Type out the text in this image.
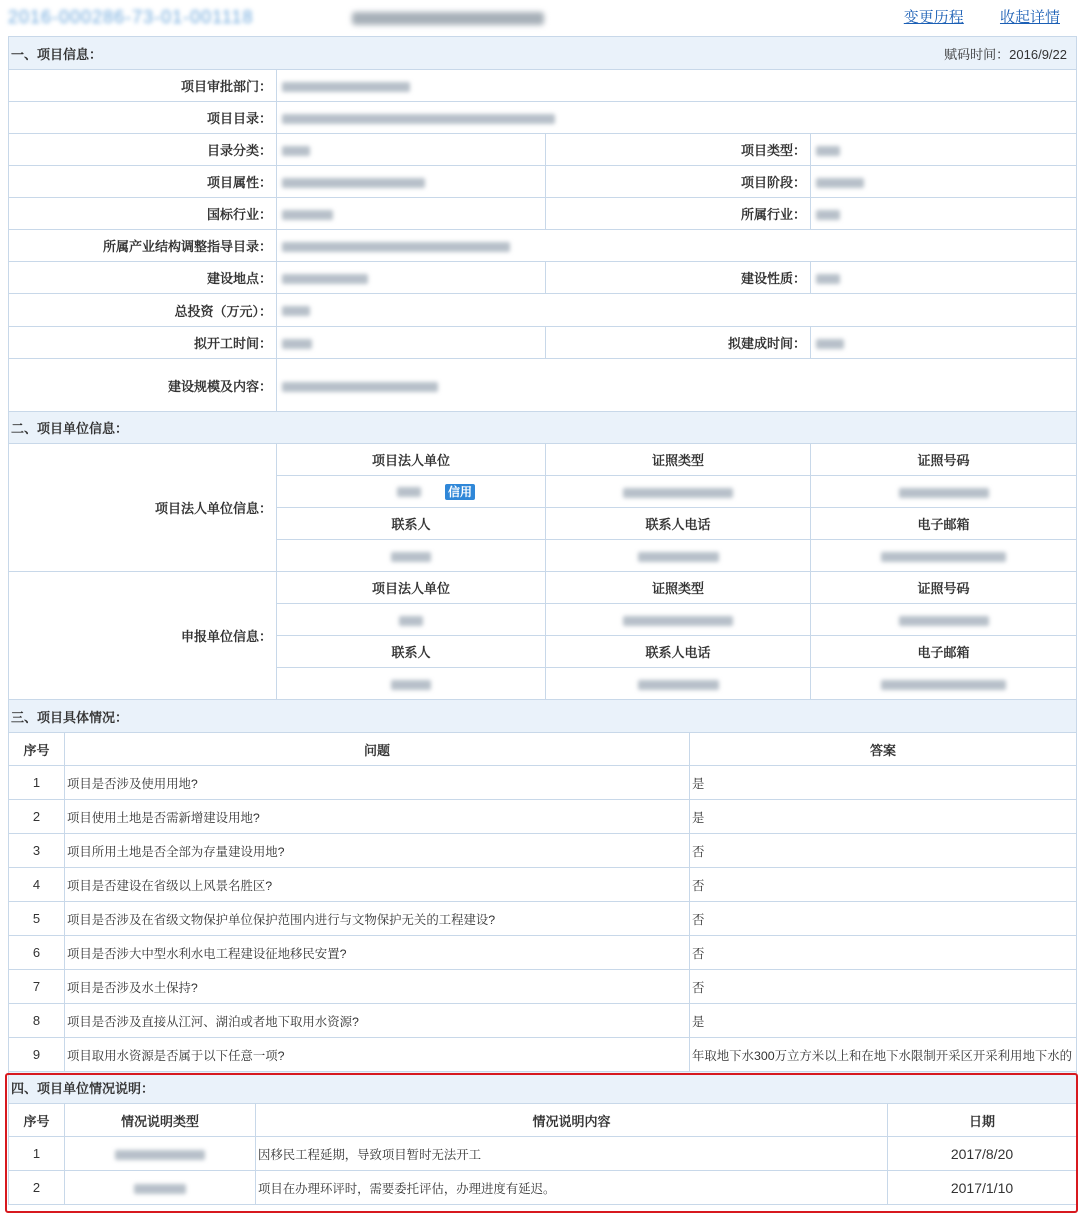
2016-000286-73-01-001118	变更历程 收起详情
一、项目信息： 赋码时间：2016/9/22			

项目审批部门：			
项目目录：			
目录分类：		项目类型：	
项目属性：		项目阶段：	
国标行业：		所属行业：	
所属产业结构调整指导目录：			
建设地点：		建设性质：	
总投资（万元）：			
拟开工时间：		拟建成时间：	
建设规模及内容：			
二、项目单位信息：			
项目法人单位信息：	项目法人单位	证照类型	证照号码
	信用		
	联系人	联系人电话	电子邮箱

申报单位信息：	项目法人单位	证照类型	证照号码

	联系人	联系人电话	电子邮箱

三、项目具体情况：		
序号	问题	答案
1	项目是否涉及使用用地?	是
2	项目使用土地是否需新增建设用地?	是
3	项目所用土地是否全部为存量建设用地?	否
4	项目是否建设在省级以上风景名胜区?	否
5	项目是否涉及在省级文物保护单位保护范围内进行与文物保护无关的工程建设?	否
6	项目是否涉大中型水利水电工程建设征地移民安置?	否
7	项目是否涉及水土保持?	否
8	项目是否涉及直接从江河、湖泊或者地下取用水资源?	是
9	项目取用水资源是否属于以下任意一项?	年取地下水300万立方米以上和在地下水限制开采区开采利用地下水的
四、项目单位情况说明：			
序号	情况说明类型	情况说明内容	日期
1		因移民工程延期，导致项目暂时无法开工	2017/8/20
2		项目在办理环评时，需要委托评估，办理进度有延迟。	2017/1/10
